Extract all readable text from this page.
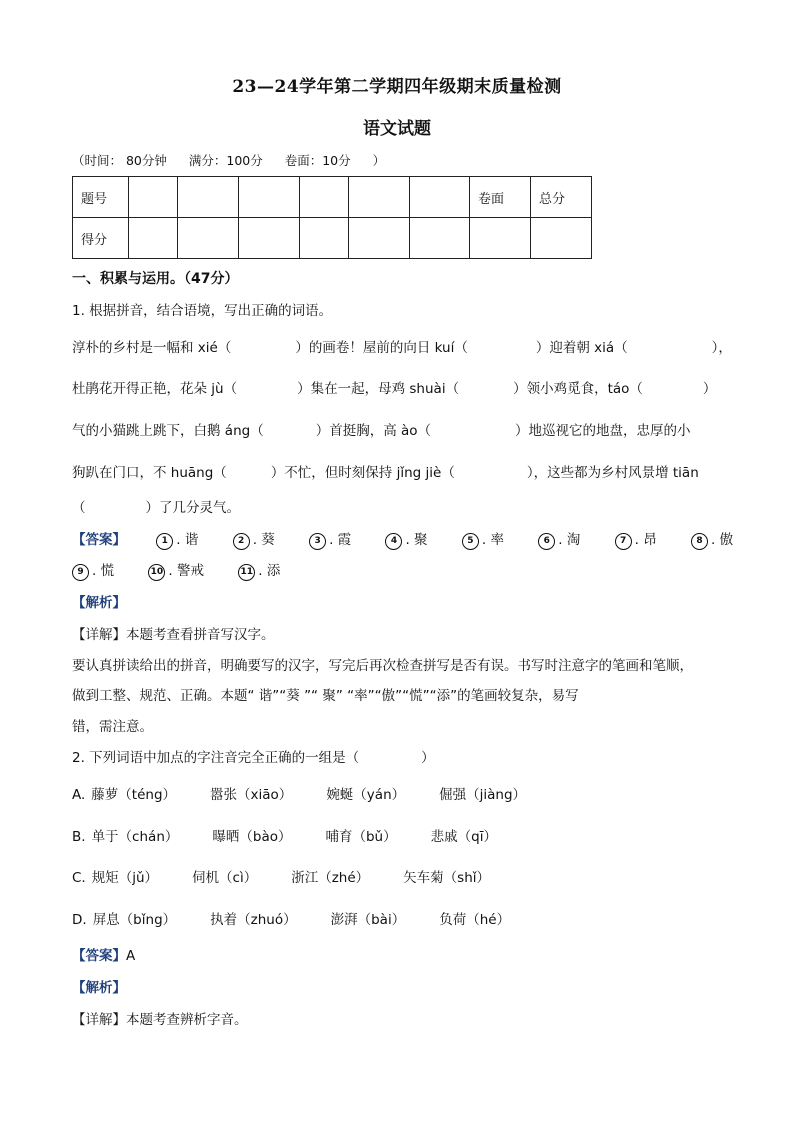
23—24学年第二学期四年级期末质量检测
语文试题
（时间： 80分钟 满分：100分 卷面：10分 ）
题号							卷面	总分
得分								
一、积累与运用。（47分）
1. 根据拼音，结合语境，写出正确的词语。
淳朴的乡村是一幅和 xié（	）的画卷！屋前的向日 kuí（	）迎着朝 xiá（	），
杜鹃花开得正艳，花朵 jù（	）集在一起，母鸡 shuài（	）领小鸡觅食，táo（	）
气的小猫跳上跳下，白鹅 áng（	）首挺胸，高 ào（	）地巡视它的地盘，忠厚的小
狗趴在门口，不 huāng（	）不忙，但时刻保持 jǐng jiè（	），这些都为乡村风景增 tiān
（	）了几分灵气。
【答案】	1 . 谐	2 . 葵	3 . 霞	4 . 聚	5 . 率	6 . 淘	7 . 昂	8 . 傲
9 . 慌	10 . 警戒	11 . 添
【解析】
【详解】本题考查看拼音写汉字。
要认真拼读给出的拼音，明确要写的汉字，写完后再次检查拼写是否有误。书写时注意字的笔画和笔顺，
做到工整、规范、正确。本题“ 谐”“葵 ”“ 聚” “率”“傲”“慌”“添”的笔画较复杂，易写
错，需注意。
2. 下列词语中加点的字注音完全正确的一组是（	）
A. 藤萝（téng）	嚣张（xiāo）	婉蜒（yán）	倔强（jiàng）
B. 单于（chán）	曝晒（bào）	哺育（bǔ）	悲戚（qī）
C. 规矩（jǔ）	伺机（cì）	浙江（zhé）	矢车菊（shǐ）
D. 屏息（bǐng）	执着（zhuó）	澎湃（bài）	负荷（hé）
【答案】A
【解析】
【详解】本题考查辨析字音。
